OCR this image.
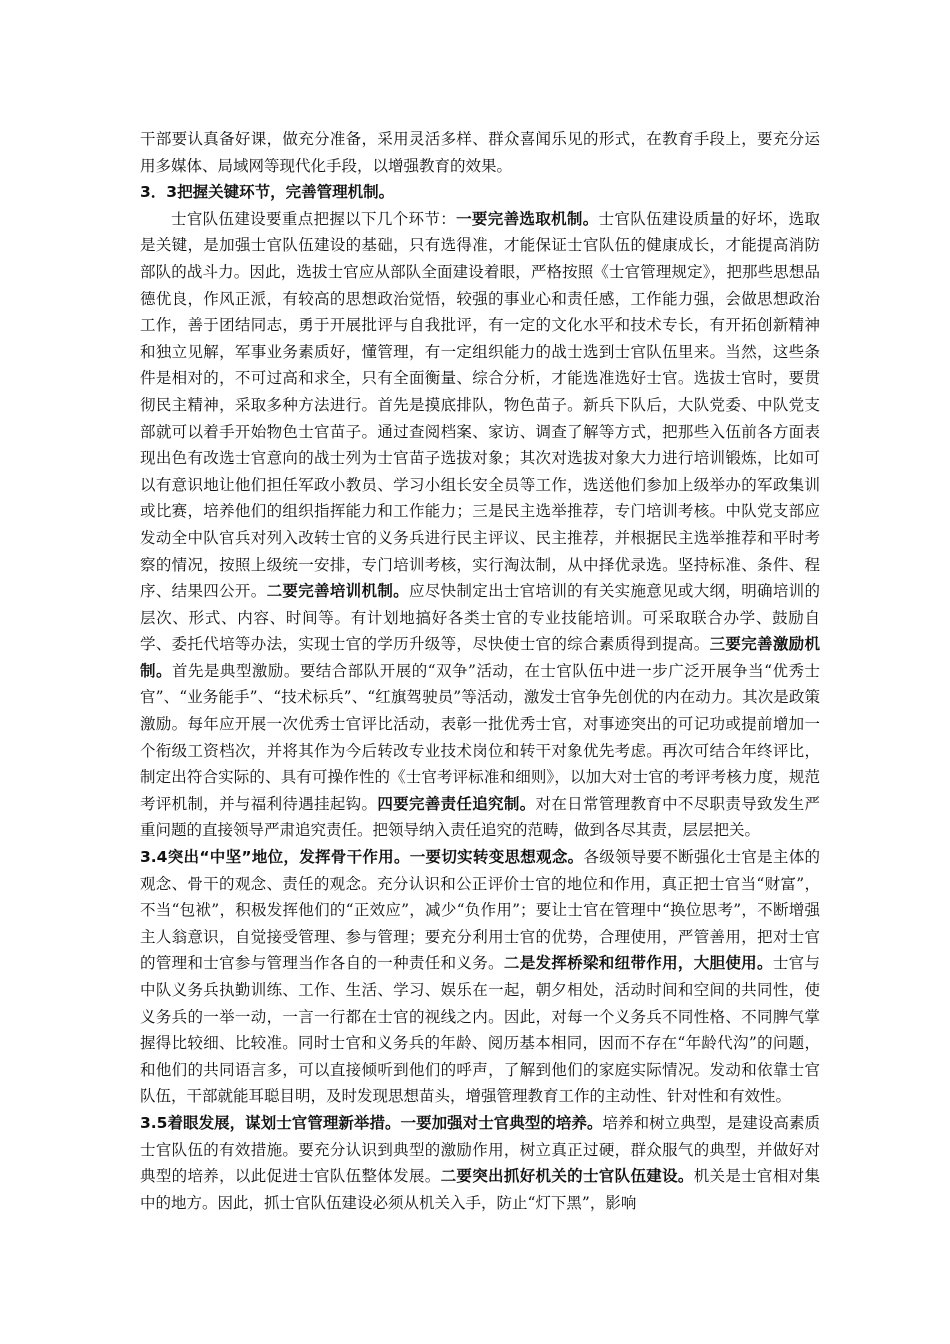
干部要认真备好课，做充分准备，采用灵活多样、群众喜闻乐见的形式，在教育手段上，要充分运用多媒体、局域网等现代化手段，以增强教育的效果。

3．3把握关键环节，完善管理机制。

士官队伍建设要重点把握以下几个环节：一要完善选取机制。士官队伍建设质量的好坏，选取是关键，是加强士官队伍建设的基础，只有选得准，才能保证士官队伍的健康成长，才能提高消防部队的战斗力。因此，选拔士官应从部队全面建设着眼，严格按照《士官管理规定》，把那些思想品德优良，作风正派，有较高的思想政治觉悟，较强的事业心和责任感，工作能力强，会做思想政治工作，善于团结同志，勇于开展批评与自我批评，有一定的文化水平和技术专长，有开拓创新精神和独立见解，军事业务素质好，懂管理，有一定组织能力的战士选到士官队伍里来。当然，这些条件是相对的，不可过高和求全，只有全面衡量、综合分析，才能选准选好士官。选拔士官时，要贯彻民主精神，采取多种方法进行。首先是摸底排队，物色苗子。新兵下队后，大队党委、中队党支部就可以着手开始物色士官苗子。通过查阅档案、家访、调查了解等方式，把那些入伍前各方面表现出色有改选士官意向的战士列为士官苗子选拔对象；其次对选拔对象大力进行培训锻炼，比如可以有意识地让他们担任军政小教员、学习小组长安全员等工作，选送他们参加上级举办的军政集训或比赛，培养他们的组织指挥能力和工作能力；三是民主选举推荐，专门培训考核。中队党支部应发动全中队官兵对列入改转士官的义务兵进行民主评议、民主推荐，并根据民主选举推荐和平时考察的情况，按照上级统一安排，专门培训考核，实行淘汰制，从中择优录选。坚持标准、条件、程序、结果四公开。二要完善培训机制。应尽快制定出士官培训的有关实施意见或大纲，明确培训的层次、形式、内容、时间等。有计划地搞好各类士官的专业技能培训。可采取联合办学、鼓励自学、委托代培等办法，实现士官的学历升级等，尽快使士官的综合素质得到提高。三要完善激励机制。首先是典型激励。要结合部队开展的“双争”活动，在士官队伍中进一步广泛开展争当“优秀士官”、“业务能手”、“技术标兵”、“红旗驾驶员”等活动，激发士官争先创优的内在动力。其次是政策激励。每年应开展一次优秀士官评比活动，表彰一批优秀士官，对事迹突出的可记功或提前增加一个衔级工资档次，并将其作为今后转改专业技术岗位和转干对象优先考虑。再次可结合年终评比，制定出符合实际的、具有可操作性的《士官考评标准和细则》，以加大对士官的考评考核力度，规范考评机制，并与福利待遇挂起钩。四要完善责任追究制。对在日常管理教育中不尽职责导致发生严重问题的直接领导严肃追究责任。把领导纳入责任追究的范畴，做到各尽其责，层层把关。

3.4突出“中坚”地位，发挥骨干作用。一要切实转变思想观念。各级领导要不断强化士官是主体的观念、骨干的观念、责任的观念。充分认识和公正评价士官的地位和作用，真正把士官当“财富”，不当“包袱”，积极发挥他们的“正效应”，减少“负作用”；要让士官在管理中“换位思考”，不断增强主人翁意识，自觉接受管理、参与管理；要充分利用士官的优势，合理使用，严管善用，把对士官的管理和士官参与管理当作各自的一种责任和义务。二是发挥桥梁和纽带作用，大胆使用。士官与中队义务兵执勤训练、工作、生活、学习、娱乐在一起，朝夕相处，活动时间和空间的共同性，使义务兵的一举一动，一言一行都在士官的视线之内。因此，对每一个义务兵不同性格、不同脾气掌握得比较细、比较准。同时士官和义务兵的年龄、阅历基本相同，因而不存在“年龄代沟”的问题，和他们的共同语言多，可以直接倾听到他们的呼声，了解到他们的家庭实际情况。发动和依靠士官队伍，干部就能耳聪目明，及时发现思想苗头，增强管理教育工作的主动性、针对性和有效性。

3.5着眼发展，谋划士官管理新举措。一要加强对士官典型的培养。培养和树立典型，是建设高素质士官队伍的有效措施。要充分认识到典型的激励作用，树立真正过硬，群众服气的典型，并做好对典型的培养，以此促进士官队伍整体发展。二要突出抓好机关的士官队伍建设。机关是士官相对集中的地方。因此，抓士官队伍建设必须从机关入手，防止“灯下黑”，影响
